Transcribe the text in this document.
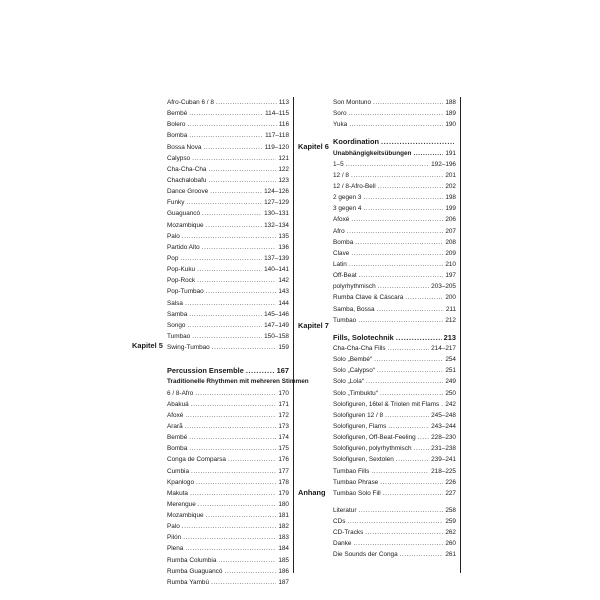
Kapitel 5
Afro-Cuban 6 / 8 .....	113
Bembé .....	114–115
Bolero .....	116
Bomba .....	117–118
Bossa Nova .....	119–120
Calypso .....	121
Cha-Cha-Cha .....	122
Chachalobafu .....	123
Dance Groove .....	124–126
Funky .....	127–129
Guaguancó .....	130–131
Mozambique .....	132–134
Palo .....	135
Partido Alto .....	136
Pop .....	137–139
Pop-Kuku .....	140–141
Pop-Rock .....	142
Pop-Tumbao .....	143
Salsa .....	144
Samba .....	145–146
Songo .....	147–149
Tumbao .....	150–158
Swing-Tumbao .....	159
Percussion Ensemble .....	167
Traditionelle Rhythmen mit mehreren Stimmen
6 / 8-Afro .....	170
Abakuá .....	171
Afoxé .....	172
Ararã .....	173
Bembé .....	174
Bomba .....	175
Conga de Comparsa .....	176
Cumbia .....	177
Kpanlogo .....	178
Makuta .....	179
Merengue .....	180
Mozambique .....	181
Palo .....	182
Pilón .....	183
Plena .....	184
Rumba Columbia .....	185
Rumba Guaguancó .....	186
Rumba Yambú .....	187
Kapitel 6
Kapitel 7
Anhang
Son Montuno .....	188
Soro .....	189
Yuka .....	190
Koordination
.....
Unabhängigkeitsübungen .....	191
1–5 .....	192–196
12 / 8 .....	201
12 / 8-Afro-Bell .....	202
2 gegen 3 .....	198
3 gegen 4 .....	199
Afoxé .....	206
Afro .....	207
Bomba .....	208
Clave .....	209
Latin .....	210
Off-Beat .....	197
polyrhythmisch .....	203–205
Rumba Clave & Cáscara .....	200
Samba, Bossa .....	211
Tumbao .....	212
Fills, Solotechnik .....	213
Cha-Cha-Cha Fills .....	214–217
Solo „Bembé“ .....	254
Solo „Calypso“ .....	251
Solo „Lola“ .....	249
Solo „Timbuktu“ .....	250
Solofiguren, 16tel & Triolen mit Flams ..... 242
Solofiguren 12 / 8 .....	245–248
Solofiguren, Flams .....	243–244
Solofiguren, Off-Beat-Feeling ..... 228–230
Solofiguren, polyrhythmisch .....	231–238
Solofiguren, Sextolen .....	239–241
Tumbao Fills .....	218–225
Tumbao Phrase .....	226
Tumbao Solo Fill .....	227
Literatur .....	258
CDs .....	259
CD-Tracks .....	262
Danke .....	260
Die Sounds der Conga .....	261
